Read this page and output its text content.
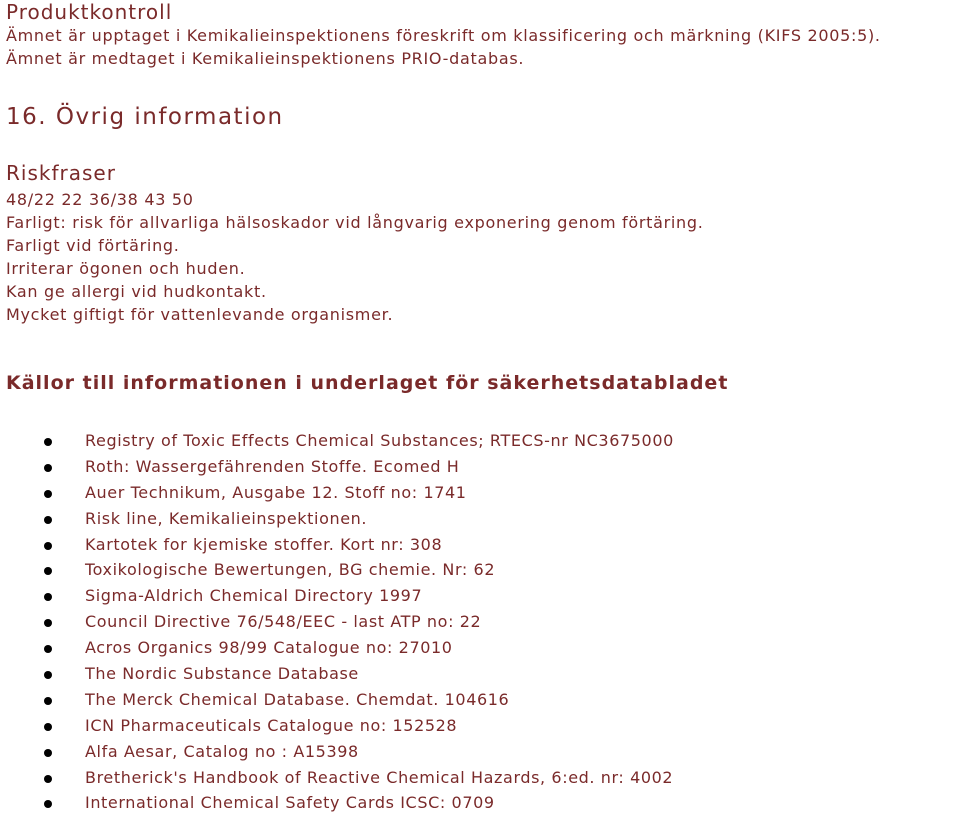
Produktkontroll

Ämnet är upptaget i Kemikalieinspektionens föreskrift om klassificering och märkning (KIFS 2005:5).

Ämnet är medtaget i Kemikalieinspektionens PRIO-databas.

16. Övrig information
Riskfraser

48/22 22 36/38 43 50

Farligt: risk för allvarliga hälsoskador vid långvarig exponering genom förtäring.

Farligt vid förtäring.

Irriterar ögonen och huden.

Kan ge allergi vid hudkontakt.

Mycket giftigt för vattenlevande organismer.

Källor till informationen i underlaget för säkerhetsdatabladet
Registry of Toxic Effects Chemical Substances; RTECS-nr NC3675000
Roth: Wassergefährenden Stoffe. Ecomed H
Auer Technikum, Ausgabe 12. Stoff no: 1741
Risk line, Kemikalieinspektionen.
Kartotek for kjemiske stoffer. Kort nr: 308
Toxikologische Bewertungen, BG chemie. Nr: 62
Sigma-Aldrich Chemical Directory 1997
Council Directive 76/548/EEC - last ATP no: 22
Acros Organics 98/99 Catalogue no: 27010
The Nordic Substance Database
The Merck Chemical Database. Chemdat. 104616
ICN Pharmaceuticals Catalogue no: 152528
Alfa Aesar, Catalog no : A15398
Bretherick's Handbook of Reactive Chemical Hazards, 6:ed. nr: 4002
International Chemical Safety Cards ICSC: 0709
